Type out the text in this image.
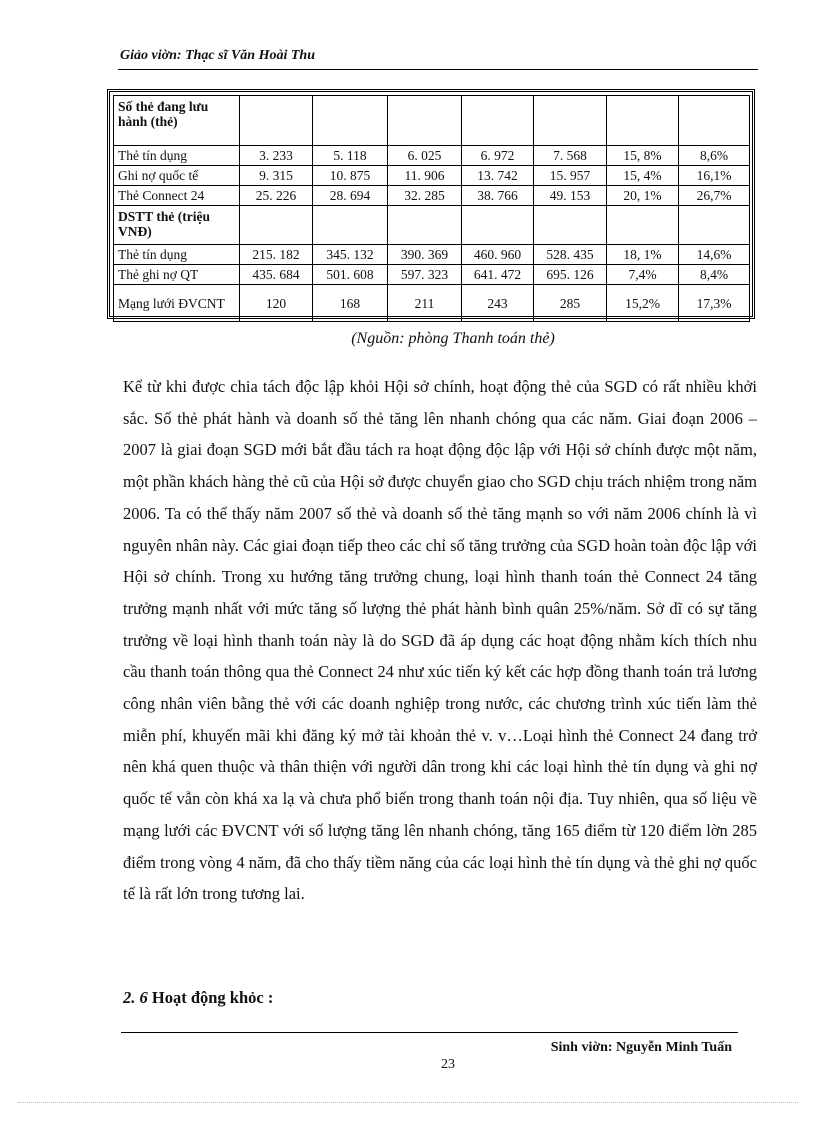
Giảo viờn: Thạc sĩ Văn Hoài Thu
Số thẻ đang lưu hành (thẻ)							
Thẻ tín dụng	3. 233	5. 118	6. 025	6. 972	7. 568	15, 8%	8,6%
Ghi nợ quốc tế	9. 315	10. 875	11. 906	13. 742	15. 957	15, 4%	16,1%
Thẻ Connect 24	25. 226	28. 694	32. 285	38. 766	49. 153	20, 1%	26,7%
DSTT thẻ (triệu VNĐ)							
Thẻ tín dụng	215. 182	345. 132	390. 369	460. 960	528. 435	18, 1%	14,6%
Thẻ ghi nợ QT	435. 684	501. 608	597. 323	641. 472	695. 126	7,4%	8,4%
Mạng lưới ĐVCNT	120	168	211	243	285	15,2%	17,3%
(Nguồn: phòng Thanh toán thẻ)
Kể từ khi được chia tách độc lập khỏi Hội sở chính, hoạt động thẻ của SGD có rất nhiều khởi sắc. Số thẻ phát hành và doanh số thẻ tăng lên nhanh chóng qua các năm. Giai đoạn 2006 – 2007 là giai đoạn SGD mới bắt đầu tách ra hoạt động độc lập với Hội sở chính được một năm, một phần khách hàng thẻ cũ của Hội sở được chuyển giao cho SGD chịu trách nhiệm trong năm 2006. Ta có thể thấy năm 2007 số thẻ và doanh số thẻ tăng mạnh so với năm 2006 chính là vì nguyên nhân này. Các giai đoạn tiếp theo các chỉ số tăng trưởng của SGD hoàn toàn độc lập với Hội sở chính. Trong xu hướng tăng trưởng chung, loại hình thanh toán thẻ Connect 24 tăng trưởng mạnh nhất với mức tăng số lượng thẻ phát hành bình quân 25%/năm. Sở dĩ có sự tăng trưởng về loại hình thanh toán này là do SGD đã áp dụng các hoạt động nhằm kích thích nhu cầu thanh toán thông qua thẻ Connect 24 như xúc tiến ký kết các hợp đồng thanh toán trả lương công nhân viên bằng thẻ với các doanh nghiệp trong nước, các chương trình xúc tiến làm thẻ miễn phí, khuyến mãi khi đăng ký mở tài khoản thẻ v. v…Loại hình thẻ Connect 24 đang trở nên khá quen thuộc và thân thiện với người dân trong khi các loại hình thẻ tín dụng và ghi nợ quốc tế vẫn còn khá xa lạ và chưa phổ biến trong thanh toán nội địa. Tuy nhiên, qua số liệu về mạng lưới các ĐVCNT với số lượng tăng lên nhanh chóng, tăng 165 điểm từ 120 điểm lờn 285 điểm trong vòng 4 năm, đã cho thấy tiềm năng của các loại hình thẻ tín dụng và thẻ ghi nợ quốc tế là rất lớn trong tương lai.
2. 6 Hoạt động khỏc :
Sinh viờn: Nguyễn Minh Tuấn
23
